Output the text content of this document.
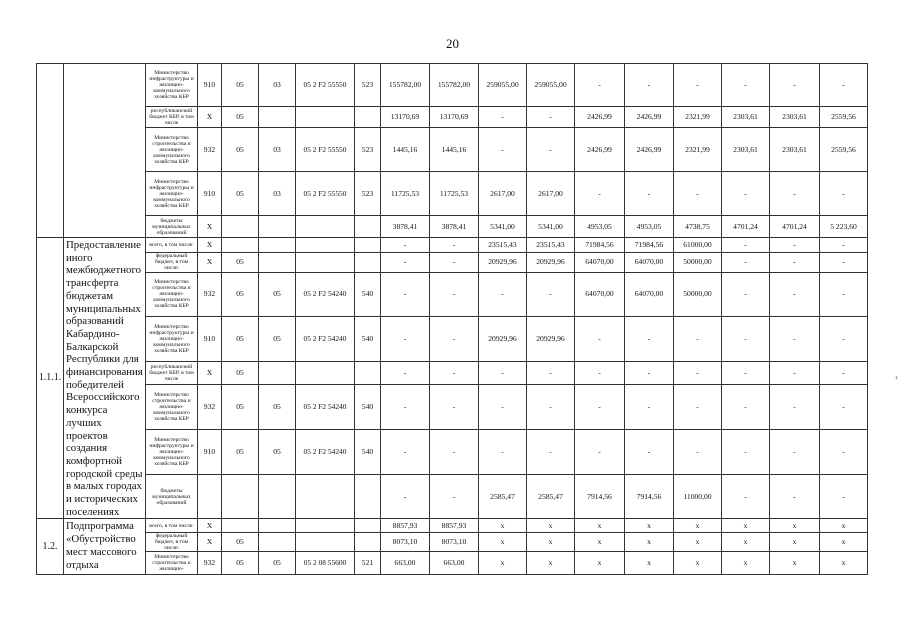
20
		Министерство инфраструктуры и жилищно-коммунального хозяйства КБР	910	05	03	05 2 F2 55550	523	155782,00	155782,00	259055,00	259055,00	-	-	-	-	-	-
		республиканский бюджет КБР, в том числе	X	05				13170,69	13170,69	-	-	2426,99	2426,99	2321,99	2303,61	2303,61	2559,56
		Министерство строительства и жилищно-коммунального хозяйства КБР	932	05	03	05 2 F2 55550	523	1445,16	1445,16	-	-	2426,99	2426,99	2321,99	2303,61	2303,61	2559,56
		Министерство инфраструктуры и жилищно-коммунального хозяйства КБР	910	05	03	05 2 F2 55550	523	11725,53	11725,53	2617,00	2617,00	-	-	-	-	-	-
		бюджеты муниципальных образований	X					3878,41	3878,41	5341,00	5341,00	4953,05	4953,05	4738,75	4701,24	4701,24	5 223,60
1.1.1.	Предоставление иного межбюджетного трансферта бюджетам муниципальных образований Кабардино-Балкарской Республики для финансирования победителей Всероссийского конкурса лучших проектов создания комфортной городской среды в малых городах и исторических поселениях	всего, в том числе:	X					-	-	23515,43	23515,43	71984,56	71984,56	61000,00	-	-	-
		федеральный бюджет, в том числе:	X	05				-	-	20929,96	20929,96	64070,00	64070,00	50000,00	-	-	-
		Министерство строительства и жилищно-коммунального хозяйства КБР	932	05	05	05 2 F2 54240	540	-	-	-	-	64070,00	64070,00	50000,00	-	-	-
		Министерство инфраструктуры и жилищно-коммунального хозяйства КБР	910	05	05	05 2 F2 54240	540	-	-	20929,96	20929,96	-	-	-	-	-	-
		республиканский бюджет КБР, в том числе	X	05				-	-	-	-	-	-	-	-	-	-
		Министерство строительства и жилищно-коммунального хозяйства КБР	932	05	05	05 2 F2 54240	540	-	-	-	-	-	-	-	-	-	-
		Министерство инфраструктуры и жилищно-коммунального хозяйства КБР	910	05	05	05 2 F2 54240	540	-	-	-	-	-	-	-	-	-	-
		бюджеты муниципальных образований						-	-	2585,47	2585,47	7914,56	7914,56	11000,00	-	-	-
1.2.	Подпрограмма «Обустройство мест массового отдыха	всего, в том числе:	X					8857,93	8857,93	x	x	x	x	x	x	x	x
		федеральный бюджет, в том числе:	X	05				8073,10	8073,10	x	x	x	x	x	x	x	x
		Министерство строительства и жилищно-	932	05	05	05 2 08 55600	521	663,00	663,00	x	x	x	x	x	x	x	x
‹
